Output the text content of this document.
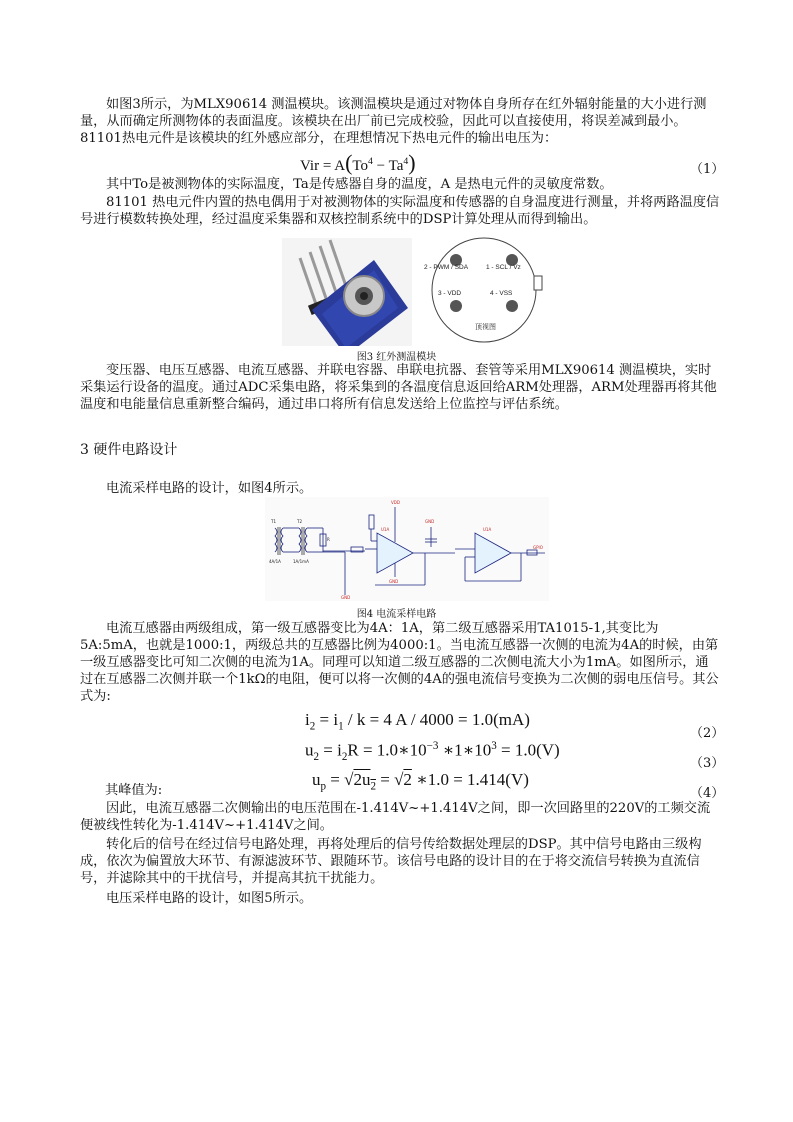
如图3所示，为MLX90614 测温模块。该测温模块是通过对物体自身所存在红外辐射能量的大小进行测量，从而确定所测物体的表面温度。该模块在出厂前已完成校验，因此可以直接使用，将误差减到最小。

81101热电元件是该模块的红外感应部分，在理想情况下热电元件的输出电压为：

Vir = $A(To^4 - Ta^4)$	（1）

其中To是被测物体的实际温度，Ta是传感器自身的温度，A 是热电元件的灵敏度常数。

81101 热电元件内置的热电偶用于对被测物体的实际温度和传感器的自身温度进行测量，并将两路温度信号进行模数转换处理，经过温度采集器和双核控制系统中的DSP计算处理从而得到输出。

2 - PWM / SDA	1 - SCL / Vz
3 - VDD	4 - VSS
顶视图
图3 红外测温模块

变压器、电压互感器、电流互感器、并联电容器、串联电抗器、套管等采用MLX90614 测温模块，实时采集运行设备的温度。通过ADC采集电路，将采集到的各温度信息返回给ARM处理器，ARM处理器再将其他温度和电能量信息重新整合编码，通过串口将所有信息发送给上位监控与评估系统。

3 硬件电路设计

电流采样电路的设计，如图4所示。

VDD
GND
GND
GND
U1A
U1A
GPIO
T1	T2
4A/1A	1A/1mA
R
图4 电流采样电路

电流互感器由两级组成，第一级互感器变比为4A：1A，第二级互感器采用TA1015-1,其变比为5A:5mA，也就是1000:1，两级总共的互感器比例为4000:1。当电流互感器一次侧的电流为4A的时候，由第一级互感器变比可知二次侧的电流为1A。同理可以知道二级互感器的二次侧电流大小为1mA。如图所示，通过在互感器二次侧并联一个1kΩ的电阻，便可以将一次侧的4A的强电流信号变换为二次侧的弱电压信号。其公式为:

$i_2 = i_1 / k = 4$ A / 4000 = 1.0(mA)
（2）
$u_2 = i_2R$ = $1.0∗10^{-3}$ $∗1∗10^3 = 1.0(V)$
（3）
其峰值为:
$u_p = √2u_2 = √2$ ∗1.0 = 1.414(V)
（4）

因此，电流互感器二次侧输出的电压范围在-1.414V~+1.414V之间，即一次回路里的220V的工频交流便被线性转化为-1.414V~+1.414V之间。

转化后的信号在经过信号电路处理，再将处理后的信号传给数据处理层的DSP。其中信号电路由三级构成，依次为偏置放大环节、有源滤波环节、跟随环节。该信号电路的设计目的在于将交流信号转换为直流信号，并滤除其中的干扰信号，并提高其抗干扰能力。

电压采样电路的设计，如图5所示。
